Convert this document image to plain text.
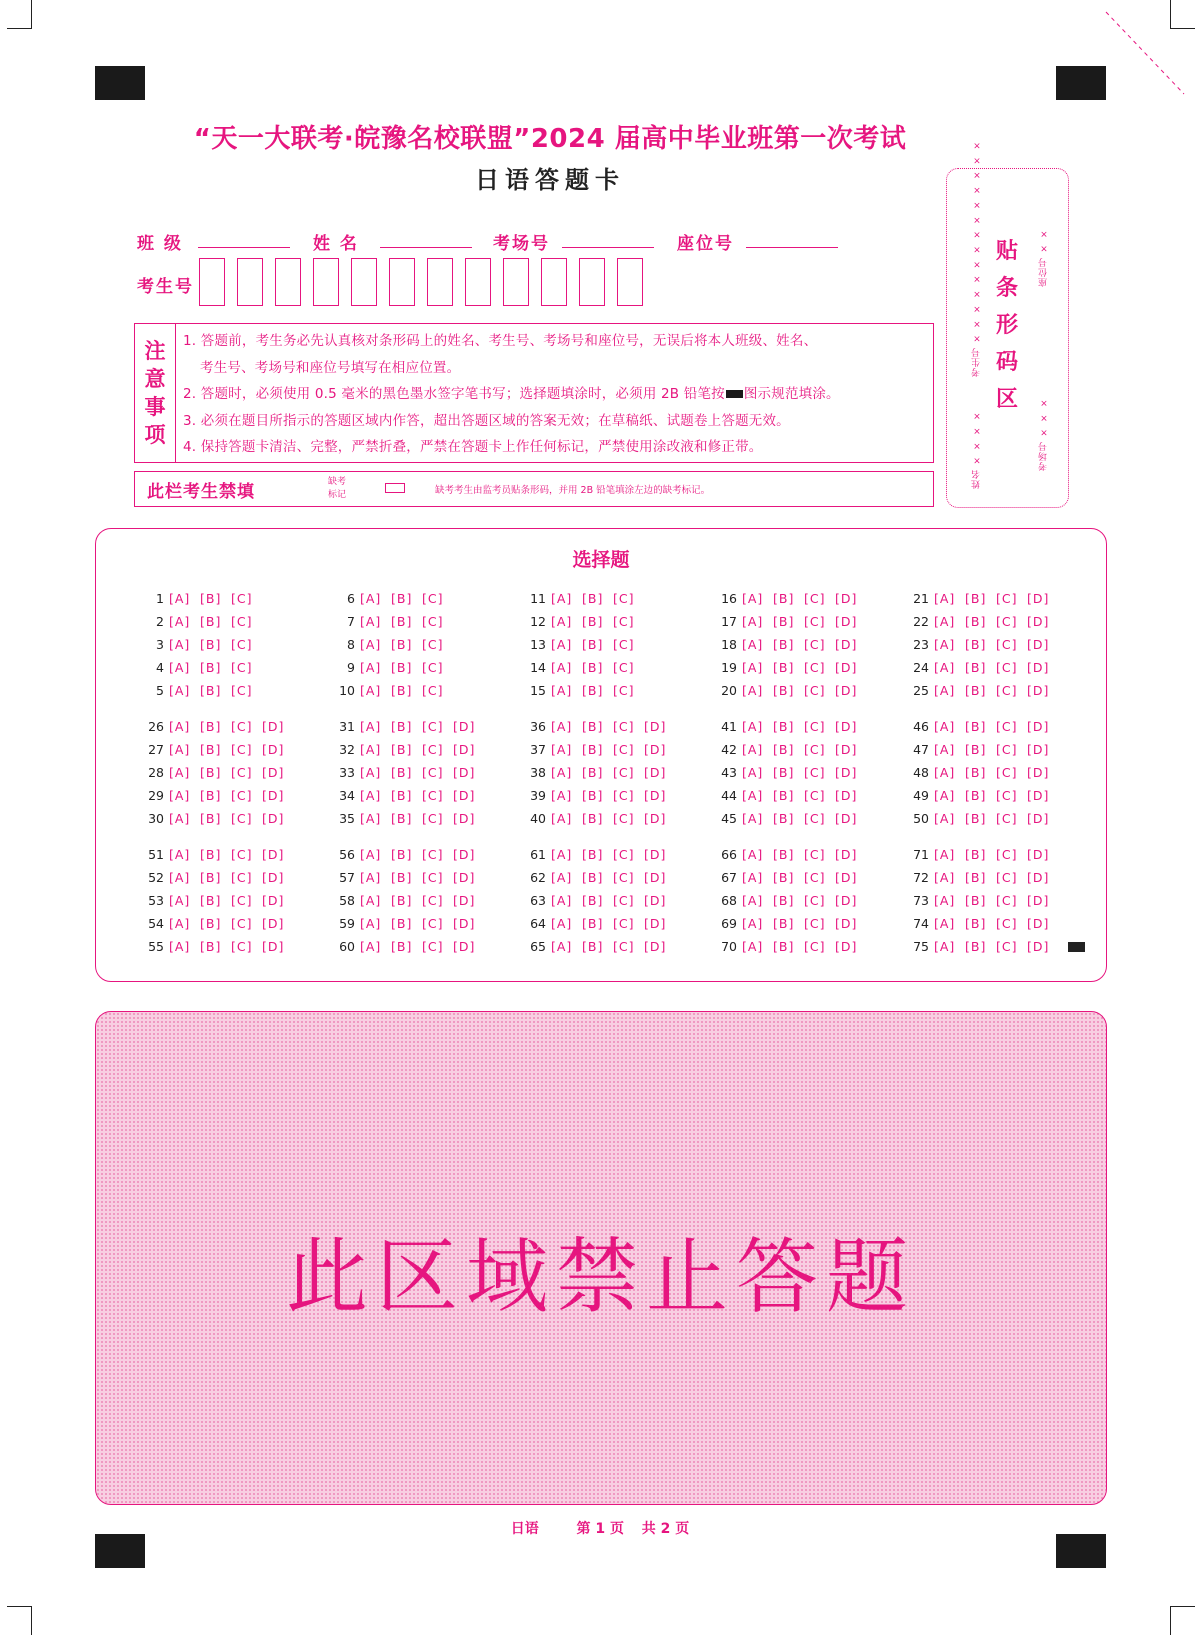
“天一大联考·皖豫名校联盟”2024 届高中毕业班第一次考试
日语答题卡
班 级	姓 名	考场号	座位号
考生号
注
意
事
项
1. 答题前，考生务必先认真核对条形码上的姓名、考生号、考场号和座位号，无误后将本人班级、姓名、
考生号、考场号和座位号填写在相应位置。
2. 答题时，必须使用 0.5 毫米的黑色墨水签字笔书写；选择题填涂时，必须用 2B 铅笔按 图示规范填涂。
3. 必须在题目所指示的答题区域内作答，超出答题区域的答案无效；在草稿纸、试题卷上答题无效。
4. 保持答题卡清洁、完整，严禁折叠，严禁在答题卡上作任何标记，严禁使用涂改液和修正带。
此栏考生禁填	缺考
标记	缺考考生由监考员贴条形码，并用 2B 铅笔填涂左边的缺考标记。
贴
条
形
码
区
考生号 × × × × × × × × × × × × × ×
姓名 × × × ×
座位号 × ×
考场号 × × ×
选择题
1 [A] [B] [C]
2 [A] [B] [C]
3 [A] [B] [C]
4 [A] [B] [C]
5 [A] [B] [C]
6 [A] [B] [C]
7 [A] [B] [C]
8 [A] [B] [C]
9 [A] [B] [C]
10 [A] [B] [C]
11 [A] [B] [C]
12 [A] [B] [C]
13 [A] [B] [C]
14 [A] [B] [C]
15 [A] [B] [C]
16 [A] [B] [C] [D]
17 [A] [B] [C] [D]
18 [A] [B] [C] [D]
19 [A] [B] [C] [D]
20 [A] [B] [C] [D]
21 [A] [B] [C] [D]
22 [A] [B] [C] [D]
23 [A] [B] [C] [D]
24 [A] [B] [C] [D]
25 [A] [B] [C] [D]
26 [A] [B] [C] [D]
27 [A] [B] [C] [D]
28 [A] [B] [C] [D]
29 [A] [B] [C] [D]
30 [A] [B] [C] [D]
31 [A] [B] [C] [D]
32 [A] [B] [C] [D]
33 [A] [B] [C] [D]
34 [A] [B] [C] [D]
35 [A] [B] [C] [D]
36 [A] [B] [C] [D]
37 [A] [B] [C] [D]
38 [A] [B] [C] [D]
39 [A] [B] [C] [D]
40 [A] [B] [C] [D]
41 [A] [B] [C] [D]
42 [A] [B] [C] [D]
43 [A] [B] [C] [D]
44 [A] [B] [C] [D]
45 [A] [B] [C] [D]
46 [A] [B] [C] [D]
47 [A] [B] [C] [D]
48 [A] [B] [C] [D]
49 [A] [B] [C] [D]
50 [A] [B] [C] [D]
51 [A] [B] [C] [D]
52 [A] [B] [C] [D]
53 [A] [B] [C] [D]
54 [A] [B] [C] [D]
55 [A] [B] [C] [D]
56 [A] [B] [C] [D]
57 [A] [B] [C] [D]
58 [A] [B] [C] [D]
59 [A] [B] [C] [D]
60 [A] [B] [C] [D]
61 [A] [B] [C] [D]
62 [A] [B] [C] [D]
63 [A] [B] [C] [D]
64 [A] [B] [C] [D]
65 [A] [B] [C] [D]
66 [A] [B] [C] [D]
67 [A] [B] [C] [D]
68 [A] [B] [C] [D]
69 [A] [B] [C] [D]
70 [A] [B] [C] [D]
71 [A] [B] [C] [D]
72 [A] [B] [C] [D]
73 [A] [B] [C] [D]
74 [A] [B] [C] [D]
75 [A] [B] [C] [D]
此区域禁止答题
日语	第 1 页 共 2 页
